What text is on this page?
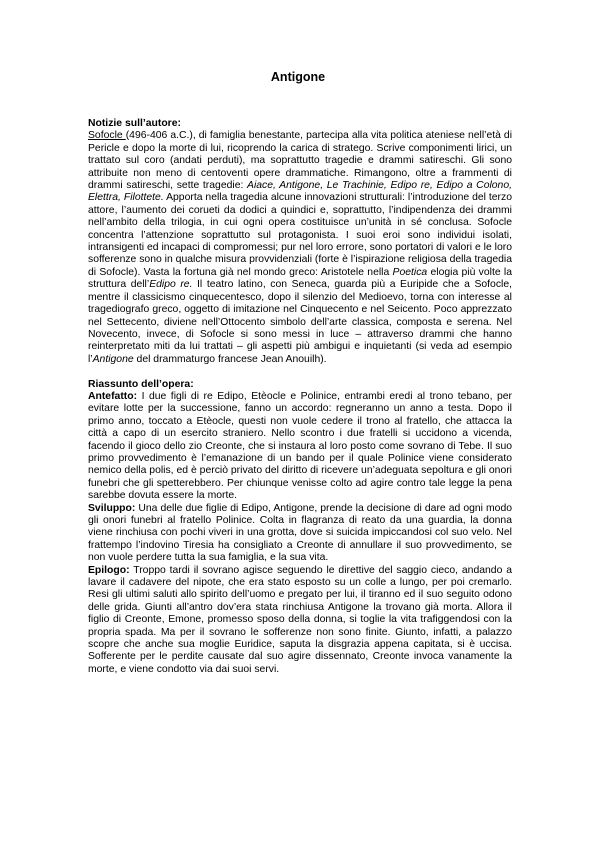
Antigone

Notizie sull’autore:

Sofocle (496-406 a.C.), di famiglia benestante, partecipa alla vita politica ateniese nell’età di Pericle e dopo la morte di lui, ricoprendo la carica di stratego. Scrive componimenti lirici, un trattato sul coro (andati perduti), ma soprattutto tragedie e drammi satireschi. Gli sono attribuite non meno di centoventi opere drammatiche. Rimangono, oltre a frammenti di drammi satireschi, sette tragedie: Aiace, Antigone, Le Trachinie, Edipo re, Edipo a Colono, Elettra, Filottete. Apporta nella tragedia alcune innovazioni strutturali: l’introduzione del terzo attore, l’aumento dei corueti da dodici a quindici e, soprattutto, l’indipendenza dei drammi nell’ambito della trilogia, in cui ogni opera costituisce un’unità in sé conclusa. Sofocle concentra l’attenzione soprattutto sul protagonista. I suoi eroi sono individui isolati, intransigenti ed incapaci di compromessi; pur nel loro errore, sono portatori di valori e le loro sofferenze sono in qualche misura provvidenziali (forte è l’ispirazione religiosa della tragedia di Sofocle). Vasta la fortuna già nel mondo greco: Aristotele nella Poetica elogia più volte la struttura dell’Edipo re. Il teatro latino, con Seneca, guarda più a Euripide che a Sofocle, mentre il classicismo cinquecentesco, dopo il silenzio del Medioevo, torna con interesse al tragediografo greco, oggetto di imitazione nel Cinquecento e nel Seicento. Poco apprezzato nel Settecento, diviene nell’Ottocento simbolo dell’arte classica, composta e serena. Nel Novecento, invece, di Sofocle si sono messi in luce – attraverso drammi che hanno reinterpretato miti da lui trattati – gli aspetti più ambigui e inquietanti (si veda ad esempio l’Antigone del drammaturgo francese Jean Anouilh).

Riassunto dell’opera:

Antefatto: I due figli di re Edipo, Etèocle e Polinice, entrambi eredi al trono tebano, per evitare lotte per la successione, fanno un accordo: regneranno un anno a testa. Dopo il primo anno, toccato a Etèocle, questi non vuole cedere il trono al fratello, che attacca la città a capo di un esercito straniero. Nello scontro i due fratelli si uccidono a vicenda, facendo il gioco dello zio Creonte, che si instaura al loro posto come sovrano di Tebe. Il suo primo provvedimento è l’emanazione di un bando per il quale Polinice viene considerato nemico della polis, ed è perciò privato del diritto di ricevere un’adeguata sepoltura e gli onori funebri che gli spetterebbero. Per chiunque venisse colto ad agire contro tale legge la pena sarebbe dovuta essere la morte.

Sviluppo: Una delle due figlie di Edipo, Antigone, prende la decisione di dare ad ogni modo gli onori funebri al fratello Polinice. Colta in flagranza di reato da una guardia, la donna viene rinchiusa con pochi viveri in una grotta, dove si suicida impiccandosi col suo velo. Nel frattempo l’indovino Tiresia ha consigliato a Creonte di annullare il suo provvedimento, se non vuole perdere tutta la sua famiglia, e la sua vita.

Epilogo: Troppo tardi il sovrano agisce seguendo le direttive del saggio cieco, andando a lavare il cadavere del nipote, che era stato esposto su un colle a lungo, per poi cremarlo. Resi gli ultimi saluti allo spirito dell’uomo e pregato per lui, il tiranno ed il suo seguito odono delle grida. Giunti all’antro dov’era stata rinchiusa Antigone la trovano già morta. Allora il figlio di Creonte, Emone, promesso sposo della donna, si toglie la vita trafiggendosi con la propria spada. Ma per il sovrano le sofferenze non sono finite. Giunto, infatti, a palazzo scopre che anche sua moglie Euridice, saputa la disgrazia appena capitata, si è uccisa. Sofferente per le perdite causate dal suo agire dissennato, Creonte invoca vanamente la morte, e viene condotto via dai suoi servi.
